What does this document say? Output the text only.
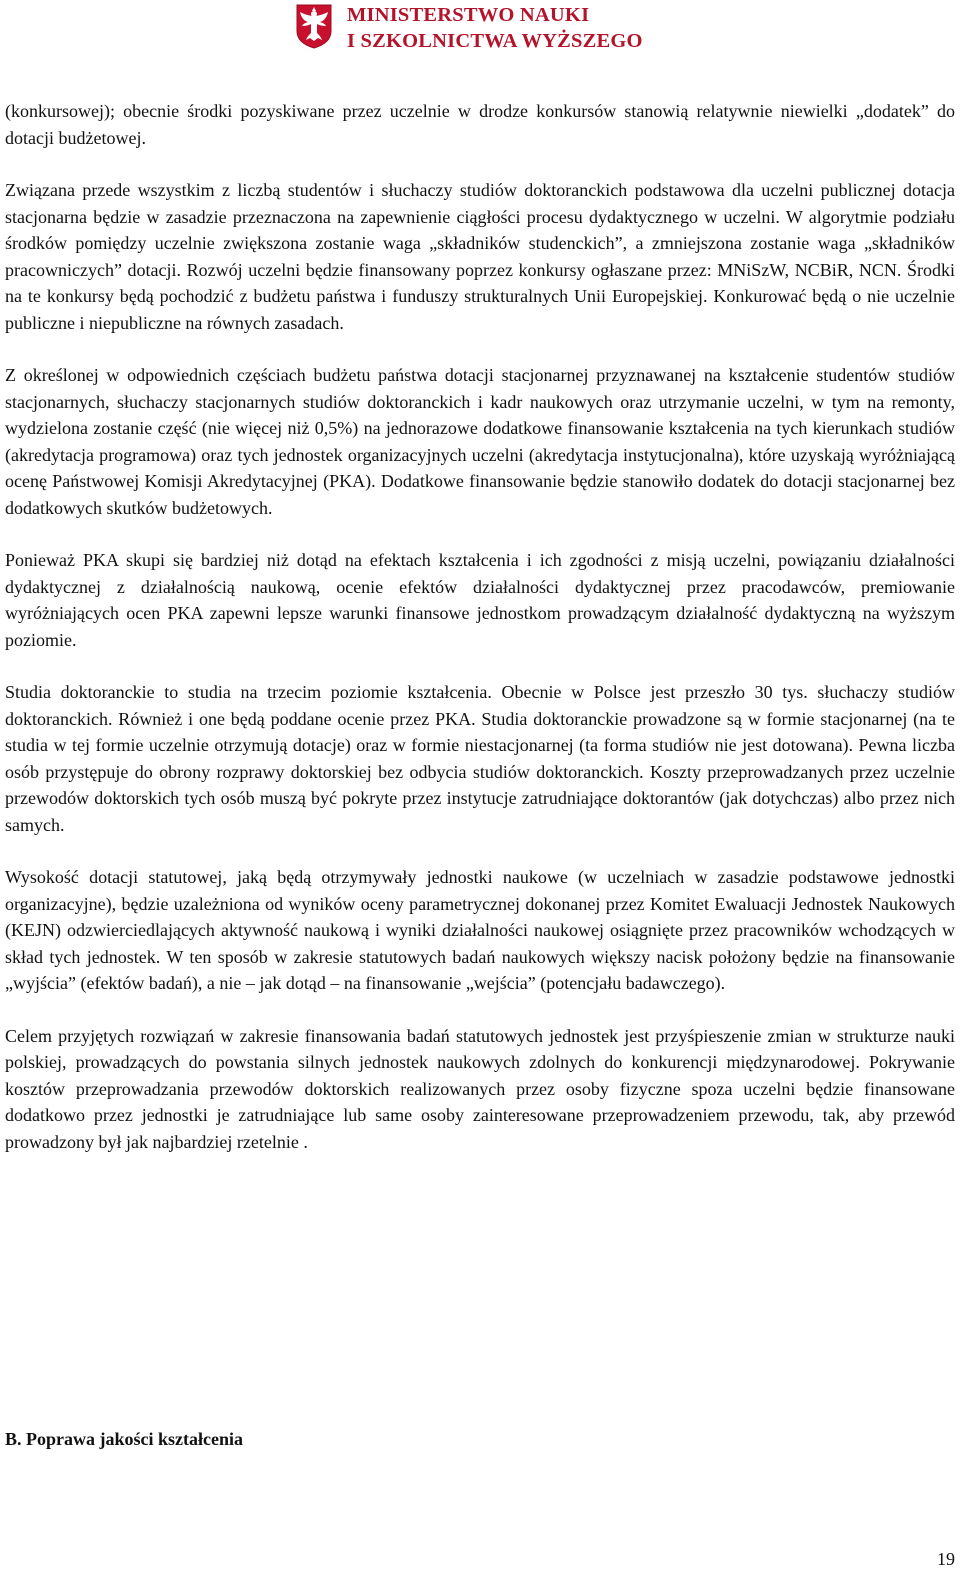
MINISTERSTWO NAUKI
I SZKOLNICTWA WYŻSZEGO

(konkursowej); obecnie środki pozyskiwane przez uczelnie w drodze konkursów stanowią relatywnie niewielki „dodatek” do dotacji budżetowej.

Związana przede wszystkim z liczbą studentów i słuchaczy studiów doktoranckich podstawowa dla uczelni publicznej dotacja stacjonarna będzie w zasadzie przeznaczona na zapewnienie ciągłości procesu dydaktycznego w uczelni. W algorytmie podziału środków pomiędzy uczelnie zwiększona zostanie waga „składników studenckich”, a zmniejszona zostanie waga „składników pracowniczych” dotacji. Rozwój uczelni będzie finansowany poprzez konkursy ogłaszane przez: MNiSzW, NCBiR, NCN. Środki na te konkursy będą pochodzić z budżetu państwa i funduszy strukturalnych Unii Europejskiej. Konkurować będą o nie uczelnie publiczne i niepubliczne na równych zasadach.

Z określonej w odpowiednich częściach budżetu państwa dotacji stacjonarnej przyznawanej na kształcenie studentów studiów stacjonarnych, słuchaczy stacjonarnych studiów doktoranckich i kadr naukowych oraz utrzymanie uczelni, w tym na remonty, wydzielona zostanie część (nie więcej niż 0,5%) na jednorazowe dodatkowe finansowanie kształcenia na tych kierunkach studiów (akredytacja programowa) oraz tych jednostek organizacyjnych uczelni (akredytacja instytucjonalna), które uzyskają wyróżniającą ocenę Państwowej Komisji Akredytacyjnej (PKA). Dodatkowe finansowanie będzie stanowiło dodatek do dotacji stacjonarnej bez dodatkowych skutków budżetowych.

Ponieważ PKA skupi się bardziej niż dotąd na efektach kształcenia i ich zgodności z misją uczelni, powiązaniu działalności dydaktycznej z działalnością naukową, ocenie efektów działalności dydaktycznej przez pracodawców, premiowanie wyróżniających ocen PKA zapewni lepsze warunki finansowe jednostkom prowadzącym działalność dydaktyczną na wyższym poziomie.

Studia doktoranckie to studia na trzecim poziomie kształcenia. Obecnie w Polsce jest przeszło 30 tys. słuchaczy studiów doktoranckich. Również i one będą poddane ocenie przez PKA. Studia doktoranckie prowadzone są w formie stacjonarnej (na te studia w tej formie uczelnie otrzymują dotacje) oraz w formie niestacjonarnej (ta forma studiów nie jest dotowana). Pewna liczba osób przystępuje do obrony rozprawy doktorskiej bez odbycia studiów doktoranckich. Koszty przeprowadzanych przez uczelnie przewodów doktorskich tych osób muszą być pokryte przez instytucje zatrudniające doktorantów (jak dotychczas) albo przez nich samych.

Wysokość dotacji statutowej, jaką będą otrzymywały jednostki naukowe (w uczelniach w zasadzie podstawowe jednostki organizacyjne), będzie uzależniona od wyników oceny parametrycznej dokonanej przez Komitet Ewaluacji Jednostek Naukowych (KEJN) odzwierciedlających aktywność naukową i wyniki działalności naukowej osiągnięte przez pracowników wchodzących w skład tych jednostek. W ten sposób w zakresie statutowych badań naukowych większy nacisk położony będzie na finansowanie „wyjścia” (efektów badań), a nie – jak dotąd – na finansowanie „wejścia” (potencjału badawczego).

Celem przyjętych rozwiązań w zakresie finansowania badań statutowych jednostek jest przyśpieszenie zmian w strukturze nauki polskiej, prowadzących do powstania silnych jednostek naukowych zdolnych do konkurencji międzynarodowej. Pokrywanie kosztów przeprowadzania przewodów doktorskich realizowanych przez osoby fizyczne spoza uczelni będzie finansowane dodatkowo przez jednostki je zatrudniające lub same osoby zainteresowane przeprowadzeniem przewodu, tak, aby przewód prowadzony był jak najbardziej rzetelnie .

B. Poprawa jakości kształcenia
19
